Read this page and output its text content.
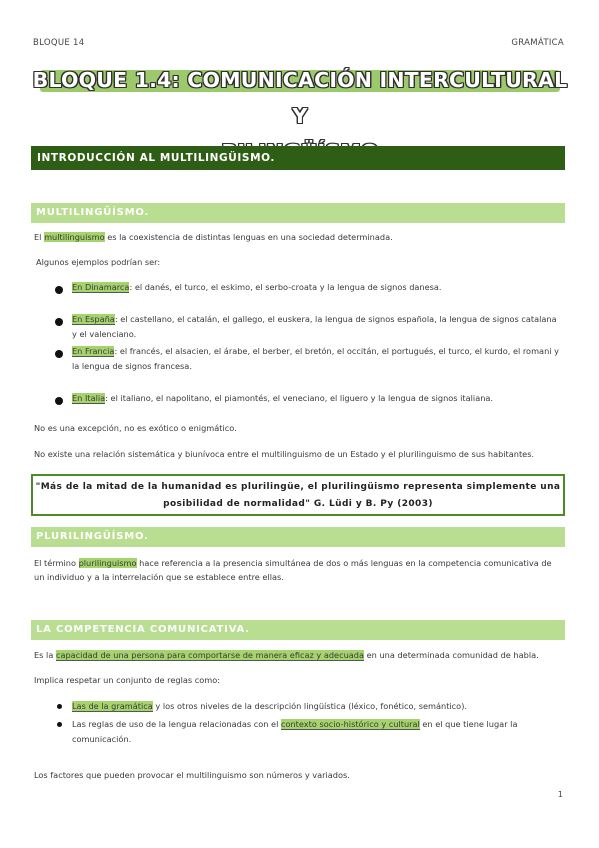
BLOQUE 14	GRAMÁTICA
BLOQUE 1.4: COMUNICACIÓN INTERCULTURAL Y
INTRODUCCIÓN AL MULTILINGÜISMO.
MULTILINGÜÍSMO.
El multilinguismo es la coexistencia de distintas lenguas en una sociedad determinada.
Algunos ejemplos podrían ser:
En Dinamarca: el danés, el turco, el eskimo, el serbo-croata y la lengua de signos danesa.
En España: el castellano, el catalán, el gallego, el euskera, la lengua de signos española, la lengua de signos catalana y el valenciano.
En Francia: el francés, el alsacien, el árabe, el berber, el bretón, el occitán, el portugués, el turco, el kurdo, el romani y la lengua de signos francesa.
En Italia: el italiano, el napolitano, el piamontés, el veneciano, el liguero y la lengua de signos italiana.
No es una excepción, no es exótico o enigmático.
No existe una relación sistemática y biunívoca entre el multilinguismo de un Estado y el plurilinguismo de sus habitantes.
"Más de la mitad de la humanidad es plurilingüe, el plurilingüismo representa simplemente una
posibilidad de normalidad" G. Lüdi y B. Py (2003)
PLURILINGÜÍSMO.
El término plurilinguismo hace referencia a la presencia simultánea de dos o más lenguas en la competencia comunicativa de un individuo y a la interrelación que se establece entre ellas.
LA COMPETENCIA COMUNICATIVA.
Es la capacidad de una persona para comportarse de manera eficaz y adecuada en una determinada comunidad de habla.
Implica respetar un conjunto de reglas como:
Las de la gramática y los otros niveles de la descripción lingüística (léxico, fonético, semántico).
Las reglas de uso de la lengua relacionadas con el contexto socio-histórico y cultural en el que tiene lugar la comunicación.
Los factores que pueden provocar el multilinguismo son números y variados.
1
